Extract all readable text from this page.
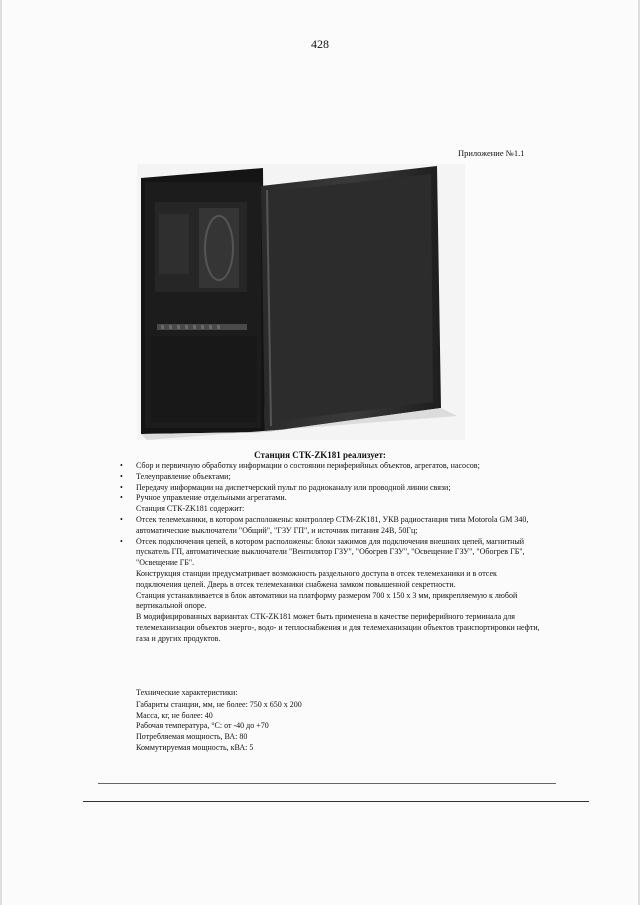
428
Приложение №1.1
Станция СТК-ZK181 реализует:
• Сбор и первичную обработку информации о состоянии периферийных объектов, агрегатов, насосов;
• Телеуправление объектами;
• Передачу информации на диспетчерский пульт по радиоканалу или проводной линии связи;
• Ручное управление отдельными агрегатами.
Станция СТК-ZK181 содержит:
• Отсек телемеханики, в котором расположены: контроллер СТМ-ZK181, УКВ радиостанция типа Motorola GM 340, автоматические выключатели "Общий", "ГЗУ ГП", и источник питания 24В, 50Гц;
• Отсек подключения цепей, в котором расположены: блоки зажимов для подключения внешних цепей, магнитный пускатель ГП, автоматические выключатели "Вентилятор ГЗУ", "Обогрев ГЗУ", "Освещение ГЗУ", "Обогрев ГБ", "Освещение ГБ".
Конструкция станции предусматривает возможность раздельного доступа в отсек телемеханики и в отсек подключения цепей. Дверь в отсек телемеханики снабжена замком повышенной секретности.
Станция устанавливается в блок автоматики на платформу размером 700 х 150 х 3 мм, прикрепляемую к любой вертикальной опоре.
В модифицированных вариантах СТК-ZK181 может быть применена в качестве периферийного терминала для телемеханизации объектов энерго-, водо- и теплоснабжения и для телемеханизации объектов транспортировки нефти, газа и других продуктов.
Технические характеристики:
Габариты станции, мм, не более: 750 х 650 х 200
Масса, кг, не более: 40
Рабочая температура, °С: от -40 до +70
Потребляемая мощность, ВА: 80
Коммутируемая мощность, кВА: 5
